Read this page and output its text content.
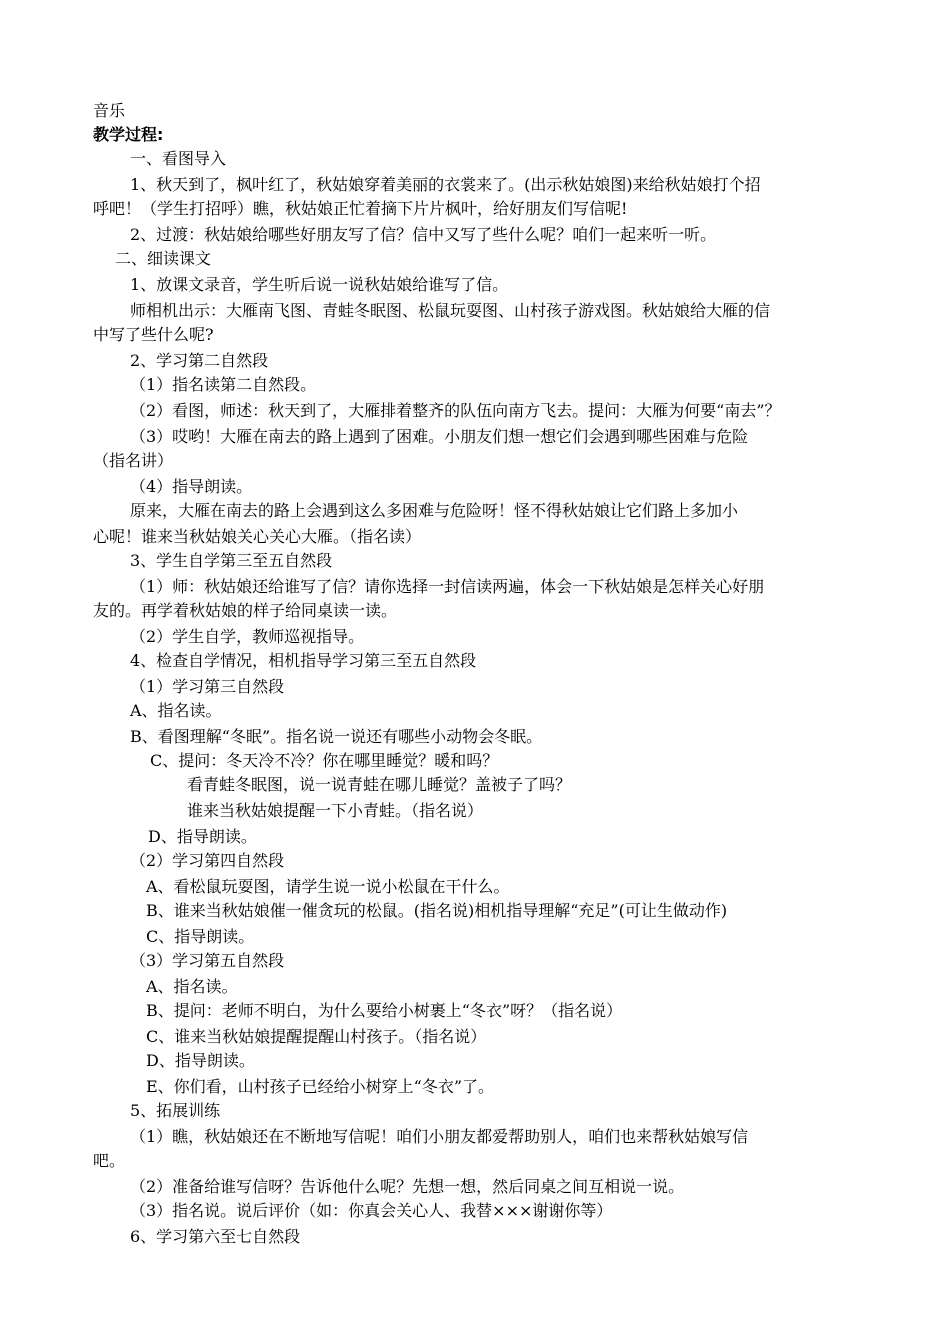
音乐
教学过程:
一、看图导入
1、秋天到了，枫叶红了，秋姑娘穿着美丽的衣裳来了。(出示秋姑娘图)来给秋姑娘打个招
呼吧！（学生打招呼）瞧，秋姑娘正忙着摘下片片枫叶，给好朋友们写信呢!
2、过渡：秋姑娘给哪些好朋友写了信？信中又写了些什么呢？咱们一起来听一听。
二、细读课文
1、放课文录音，学生听后说一说秋姑娘给谁写了信。
师相机出示：大雁南飞图、青蛙冬眠图、松鼠玩耍图、山村孩子游戏图。秋姑娘给大雁的信
中写了些什么呢?
2、学习第二自然段
（1）指名读第二自然段。
（2）看图，师述：秋天到了，大雁排着整齐的队伍向南方飞去。提问：大雁为何要“南去”？
（3）哎哟！大雁在南去的路上遇到了困难。小朋友们想一想它们会遇到哪些困难与危险
（指名讲）
（4）指导朗读。
原来，大雁在南去的路上会遇到这么多困难与危险呀！怪不得秋姑娘让它们路上多加小
心呢！谁来当秋姑娘关心关心大雁。（指名读）
3、学生自学第三至五自然段
（1）师：秋姑娘还给谁写了信？请你选择一封信读两遍，体会一下秋姑娘是怎样关心好朋
友的。再学着秋姑娘的样子给同桌读一读。
（2）学生自学，教师巡视指导。
4、检查自学情况，相机指导学习第三至五自然段
（1）学习第三自然段
A、指名读。
B、看图理解“冬眠”。指名说一说还有哪些小动物会冬眠。
C、提问：冬天冷不冷？你在哪里睡觉？暖和吗？
看青蛙冬眠图，说一说青蛙在哪儿睡觉？盖被子了吗？
谁来当秋姑娘提醒一下小青蛙。（指名说）
D、指导朗读。
（2）学习第四自然段
A、看松鼠玩耍图，请学生说一说小松鼠在干什么。
B、谁来当秋姑娘催一催贪玩的松鼠。(指名说)相机指导理解“充足”(可让生做动作)
C、指导朗读。
（3）学习第五自然段
A、指名读。
B、提问：老师不明白，为什么要给小树裹上“冬衣”呀？（指名说）
C、谁来当秋姑娘提醒提醒山村孩子。（指名说）
D、指导朗读。
E、你们看，山村孩子已经给小树穿上“冬衣”了。
5、拓展训练
（1）瞧，秋姑娘还在不断地写信呢！咱们小朋友都爱帮助别人，咱们也来帮秋姑娘写信
吧。
（2）准备给谁写信呀？告诉他什么呢？先想一想，然后同桌之间互相说一说。
（3）指名说。说后评价（如：你真会关心人、我替×××谢谢你等）
6、学习第六至七自然段
